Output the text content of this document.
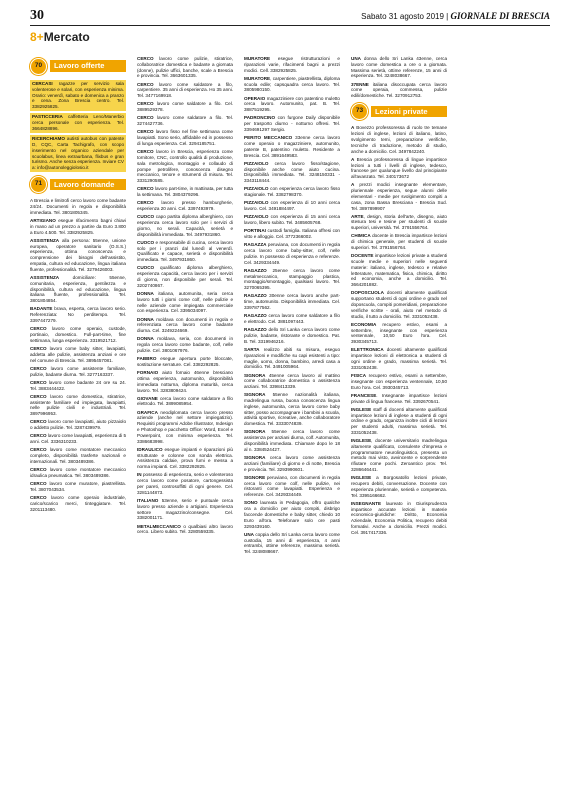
30	Sabato 31 agosto 2019 | GIORNALE DI BRESCIA
8+Mercato
70	Lavoro offerte

CERCASI ragazze per servizio sala volenterose e solari, con esperienza minima. Orario: venerdì, sabato e domenica a pranzo e cena. Zona Brescia centro. Tel. 3382925825.

PASTICCERIA caffetteria Leno/Manerbio cerca personale con esperienza. Tel. 3664828896.

RICERCHIAMO autisti autobus con patente D, CQC, Carta Tachigrafo, con scopo inserimento nel organico aziendale per scuolabus, linea extraurbana, flixbus e gran turismo. Anche senza esperienza. Inviare CV a: info@autonoleggiolosio.it

71	Lavoro domande

A Brescia e limitrofi cerco lavoro come badante 24/24. Documenti in regola e disponibilità immediata. Tel. 3801805345.

ARTIGIANO esegue rifacimento bagni chiavi in mano ad un prezzo a partire da Euro 3.800 a Euro 4.500. Tel. 3382925825.

ASSISTENZA alla persona: 55enne, unione europea, operatore sanitario (O.S.S.) esperienza, ottima conoscenza e comprensione dei bisogni dell'assistito, empatia, cultura ed educazione, lingua italiana fluente, professionalità. Tel. 3279426003.

ASSISTENZA domiciliare: 55enne, comunitaria, esperienza, gentilezza e disponibilità, cultura ed educazione, lingua italiana fluente, professionalità. Tel. 3801804854.

BADANTE brava, esperta, cerca lavoro serio. Referenziata: No perditempo. Tel. 3397447279.

CERCO lavoro come operaio, custode, portinaio, domestico. Full-part-time, fine settimana, lunga esperienza. 3319521712.

CERCO lavoro come baby sitter, lavapiatti, addetta alle pulizie, assistenza anziani e ore nel comune di Brescia. Tel. 3895457081.

CERCO lavoro come assistente familiare, pulizie, badante diurna. Tel. 3277163337.

CERCO lavoro come badante 24 ore su 24. Tel. 3883444422.

CERCO lavoro come domestica, stiratrice, assistente familiare ed impiegata, lavapiatti, nelle pulizie civili e industriali. Tel. 3897996953.

CERCO lavoro come lavapiatti, aiuto pizzaiolo o addetto pulizie. Tel. 3287439979.

CERCO lavoro come lavapiatti, esperienza di 5 anni. Cel. 3336310233.

CERCO lavoro come montatore meccanico completo, disponibilità trasferte nazionali e internazionali. Tel. 3803489386.

CERCO lavoro come montatore meccanico idraulica pneumatica. Tel. 3803489386.

CERCO lavoro come muratore, piastrellista. Tel. 3807043534.

CERCO lavoro come operaio industriale, carico/scarico merci, tinteggiature. Tel. 3201113480.

CERCO lavoro come pulizie, stiratrice, collaboratrice domestica e badante a giornata (donne), pulizie uffici, banche, scale a Brescia e provincia. Tel. 3663601335.

CERCO lavoro come saldatore a filo, carpentiere. 35 anni di esperienza. Ho 35 anni. Tel. 3477169918.

CERCO lavoro come saldatore a filo. Cel. 3889529378.

CERCO lavoro come saldatore a filo. Tel. 3274427736.

CERCO lavoro fisso nel fine settimana come lavapiatti. Sono serio, affidabile ed in possesso di lunga esperienza. Cel. 3294185751.

CERCO lavoro in Brescia, esperienza come tornitore, CNC, controllo qualità di produzione, sala metrologica, montaggio e collaudo di pompe petrolifere, conoscenza disegno meccanico, tenore e strumenti di misura. Tel. 3331290585.

CERCO lavoro part-time, in mattinata, per tutta la settimana. Tel. 3804379296.

CERCO lavoro presso hamburgherie, esperienza 20 anni. Cel. 3397493979.

CUOCO capo partita diploma alberghiero, con esperienza cerca lavoro solo per i servizi di giorno, no serali. Capacità, serietà e disponibilità immediata. Tel. 3497931860.

CUOCO e responsabile di cucina, cerca lavoro solo per i pranzi dal lunedì al venerdì. Qualificato e capace, serietà e disponibilità immediata. Tel. 3497931860.

CUOCO qualificato diploma alberghiero, esperienza capacità, cerca lavoro per i servizi di giorno, non disponibile per serali. Tel. 3202740867.

DONNA italiana, automunita, seria cerca lavoro tutti i giorni come colf, nelle pulizie e nelle aziende come impiegata commerciale con esperienza. Cel. 3395034097.

DONNA moldava con documenti in regola e referenziata cerca lavoro come badante diurna. Cel. 3249224669.

DONNA moldava, seria, con documenti in regola cerca lavoro come badante, colf, nelle pulizie. Cel. 3801067976.

FABBRO esegue apertura porte bloccate, sostituzione serrature. Cel. 3382292825.

FORNAIO aiuto fornaio 46enne bresciano ottima esperienza, automunito, disponibilità immediata notturna, diploma maturità, cerca lavoro. Tel. 3283809424.

GIOVANE cerca lavoro come saldatore a filo elettrodo. Tel. 3899085954.

GRAFICA neodiplomata cerca lavoro presso aziende (anche nel settore impiegatizio). Requisiti programmi Adobe Illustrator, Indesign e Photoshop e pacchetto Office: Word, Excel e Powerpoint, con minima esperienza. Tel. 3386683998.

IDRAULICO esegue impianti e riparazioni più strutturate e colonne con sonda elettrica. Assistenza caldaie, prova fumi e messa a norma impianti. Cel. 3382292825.

IN possesso di esperienza, serio e volenteroso cerco lavoro come posatore, cartongessista per pareti, controsoffitti di ogni genere. Cel. 3281144873.

ITALIANO 53enne, serio e puntuale cerca lavoro presso aziende o artigiani. Esperienza settore magazzino/consegne. Cel. 3382001171.

METALMECCANICO o qualbiasi altro lavoro cerco. Libero subito. Tel. 3280559335.

MURATORE esegue ristrutturazioni e riparazioni varie, rifacimenti bagni a prezzi modici. Cell. 3382925825.

MURATORE, carpentiere, piastrellista, diploma scuola edile; capsquadra cerca lavoro. Tel. 3805980150.

OPERAIO magazziniere con patentino muletto cerca lavoro. Automunito, pat. B. Tel. 3887519295.

PADRONCINO con furgone Daily disponibile per trasporto diurno - notturno offresi. Tel. 3394691297 Sergio.

PERITO MECCANICO 33enne cerca lavoro come operaio o magazziniere, automunito, patente B, patentino muletto. Residente a Brescia. Cel. 3891649583.

PIZZAIOLO cerca lavoro fisso/stagione, disponibile anche come aiuto cucina. Disponibilità immediata. Tel. 3248150331 - 3343118444.

PIZZAIOLO con esperienza cerca lavoro fisso stagionale. Tel. 3382798370.

PIZZAIOLO con esperienza di 10 anni cerca lavoro. Cel. 3491884497.

PIZZAIOLO con esperienza di 15 anni cerca lavoro, libero subito. Tel. 3485605768.

PORTINAI custodi famiglia. Italiana offresi con vitto e alloggio. Cel. 3772366002.

RAGAZZA peruviana, con documenti in regola cerca lavoro come baby-sitter, colf, nelle pulizie. In possesso di esperienza e referenze. Cel. 3429334449.

RAGAZZO 25enne cerca lavoro come metalmeccanico, stampaggio plastica, montaggio/smontaggio, qualsiasi lavoro. Tel. 3270065395.

RAGAZZO 30enne cerca lavoro anche part-time, automunito. Disponibilità immediata. Cel. 3397877562.

RAGAZZO cerca lavoro come saldatore a filo e elettrodo. Cel. 3881097443.

RAGAZZO dello Sri Lanka cerca lavoro come pulizie, badante, ristorante e domestico. Pat. B. Tel. 3319946216.

SARTA realizzo abiti su misura, eseguo riparazioni e modifiche su capi esistenti a tipo: maglie, uomo, donna, bambino, arredi casa a domicilio. Tel. 3491005964.

SIGNORA 45enne cerca lavoro al mattino come collaboratrice domestica o assistenza anziani. Tel. 3398413339.

SIGNORA 55enne nazionalità italiana, madrelingua russa, buona conoscenza lingua inglese, automunita, cerca lavoro come baby sitter, posso accompagnare i bambini a scuola, attività sportive, ricreative, anche collaboratore domestica. Tel. 3333074839.

SIGNORA 55enne cerca lavoro come assistenza per anziani diurna, colf. Automunita, disponibilità immediata. Chiamare dopo le 18 al n. 3384524427.

SIGNORA cerca lavoro come assistenza anziani (familiare) di giorno e di notte, Brescia e provincia. Tel. 3293990601.

SIGNORE peruviano, con documenti in regola cerca lavoro come colf, nelle pulizie, nei ristoranti come lavapiatti. Esperienza e referenze. Cel. 3429334449.

SONO laureata in Pedagogia, offro qualche ora a domicilio per aiuto compiti, disbrigo faccende domestiche e baby sitter, chiedo 10 Euro all'ora. Telefonare solo ore pasti 3293439160.

UNA coppia dello Sri Lanka cerca lavoro come custodia, 15 anni di esperienza, 4 anni entrambi, ottime referenze, massima serietà. Tel. 3248088667.

UNA donna dello Sri Lanka 43enne, cerca lavoro come domestica a ore o a giornata. Massima serietà, ottime referenze, 15 anni di esperienza. Tel. 3248038667.

37ENNE italiana disoccupata cerca lavoro come operaia, commessa, pulizie edili/domestiche. Tel. 3270912753.

73	Lezioni private

A Bovezzo professoressa di ruolo tre temane lezioni di inglese, lezioni di italiano, latino, svolgimento temi, preparazione verifiche, tecniche di traduzione, metodo di studio, anche a domicilio. Cel. 3497842240.

A Brescia professoressa di lingue impartisce lezioni a tutti i livelli di inglese, tedesco, francese per qualunque livello dal principiante all'avanzato. Tel. 340173672

A prezzi modici insegnante elementare, pluriennale esperienza, segue alunni delle elementari - medie per svolgimento compiti a casa, zona Bassa Bresciana - Brescia Sud. Tel. 3897899907

ARTE, design, storia dell'arte, disegno, aiuto stesura tesi e tesine per studenti di scuole superiori, università. Tel. 3791556764.

CHIMICA docente in Brescia impartisce lezioni di chimica generale, per studenti di scuole superiori. Tel. 3791556764.

DOCENTE impartisce lezioni private a studenti scuole medie e superiori nelle seguenti materie: italiano, inglese, tedesco e relative letterature, matematica, fisica, chimica, diritto ed economia, anche a domicilio. Tel. 3664201882.

DOPOSCUOLA docenti altamente qualificati supportano studenti di ogni ordine e grado nel doposcuola, compiti pomeridiani, preparazione verifiche scritte - orali, aiuto nel metodo di studio, il tutto a domicilio. Tel. 3331052438.

ECONOMIA recupero estivo, esami a settembre, insegnante con esperienza ventennale, 10,50 Euro l'ora. Cel. 3930345713.

ELETTRONICA docenti altamente qualificati impartisce lezioni di elettronica a studenti di ogni ordine e grado, massima serietà. Tel. 3331052438.

FISICA recupero estivo, esami a settembre, insegnante con esperienza ventennale, 10,50 Euro l'ora. Cel. 3930345713.

FRANCESE. Insegnante impartisce lezioni private di lingua francese. Tel. 3392670541.

INGLESE staff di docenti altamente qualificati impartisce lezioni di inglese a studenti di ogni ordine e grado, organizza inoltre cicli di lezioni per studenti adulti, massima serietà. Tel. 3331052438.

INGLESE, docente universitario madrelingua altamente qualificato, consulente d'impresa e programmatore neurolinguistico, presenta un metodo mai visto, avvincente e sorprendente rifiutare come pochi. Zeroantico prov. Tel. 3286646441.

INGLESE a Borgosatollo lezioni private, recupero debiti, conversazione. Docente con esperienza pluriennale, serietà e competenza. Tel. 3395166662.

INSEGNANTE laureato in Giurisprudenza impartisce accurate lezioni in materie economico-giuridiche: Diritto, Economia Aziendale, Economia Politica, recupero debiti formativi. Anche a domicilio. Prezzi modici. Cel. 3917417336.
